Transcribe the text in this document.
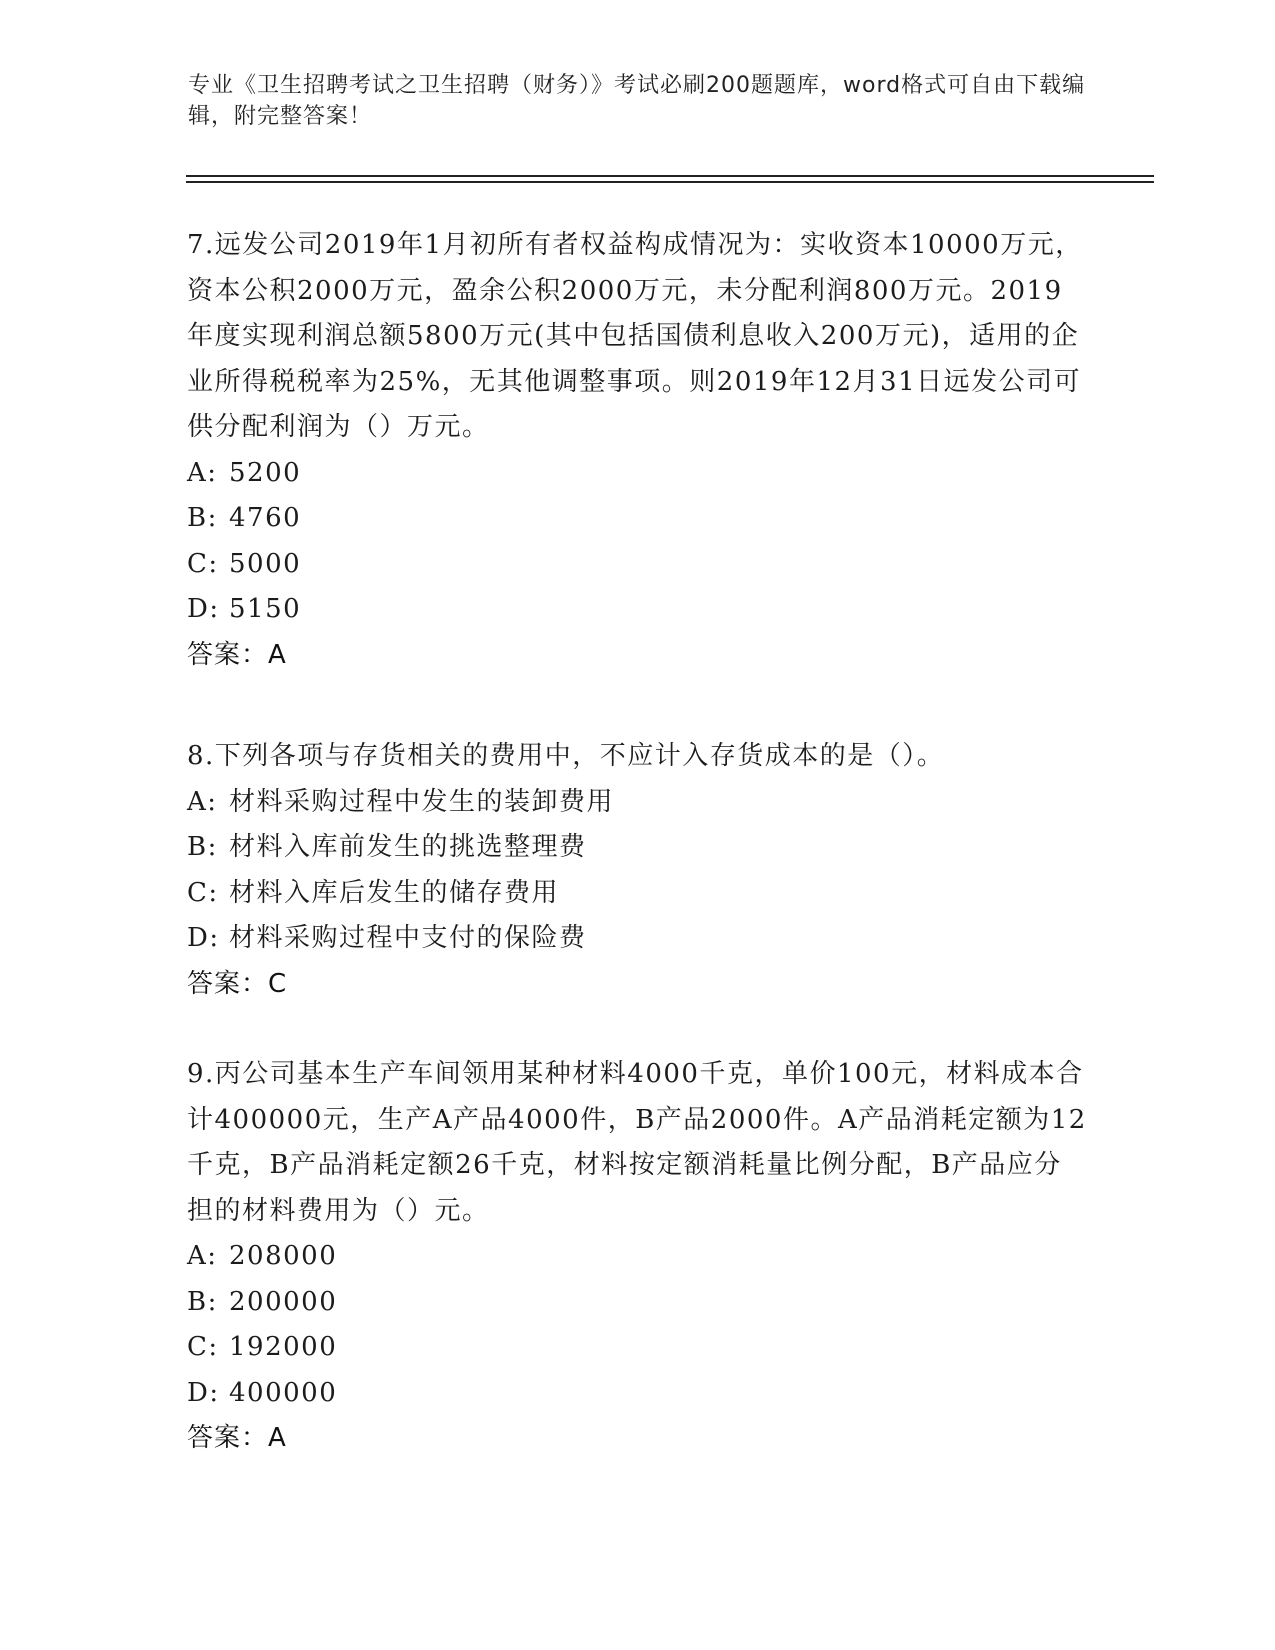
专业《卫生招聘考试之卫生招聘（财务）》考试必刷200题题库，word格式可自由下载编辑，附完整答案！
7.远发公司2019年1月初所有者权益构成情况为：实收资本10000万元，资本公积2000万元，盈余公积2000万元，未分配利润800万元。2019年度实现利润总额5800万元(其中包括国债利息收入200万元)，适用的企业所得税税率为25%，无其他调整事项。则2019年12月31日远发公司可供分配利润为（）万元。
A: 5200
B: 4760
C: 5000
D: 5150
答案：A
8.下列各项与存货相关的费用中，不应计入存货成本的是（）。
A: 材料采购过程中发生的装卸费用
B: 材料入库前发生的挑选整理费
C: 材料入库后发生的储存费用
D: 材料采购过程中支付的保险费
答案：C
9.丙公司基本生产车间领用某种材料4000千克，单价100元，材料成本合计400000元，生产A产品4000件，B产品2000件。A产品消耗定额为12千克，B产品消耗定额26千克，材料按定额消耗量比例分配，B产品应分担的材料费用为（）元。
A: 208000
B: 200000
C: 192000
D: 400000
答案：A
